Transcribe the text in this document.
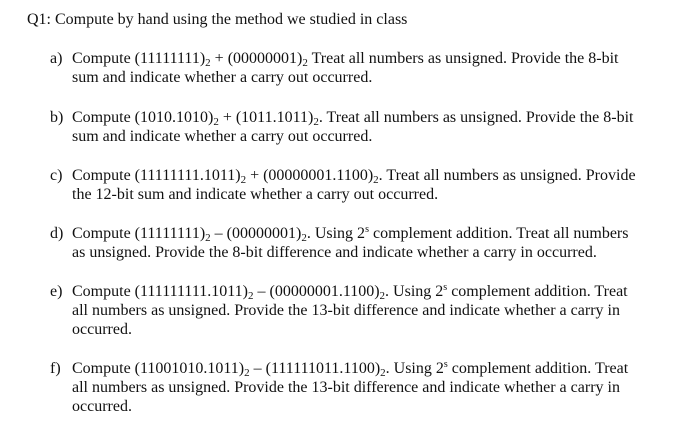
Q1: Compute by hand using the method we studied in class
a) Compute $(11111111)_2 + (00000001)_2$ Treat all numbers as unsigned. Provide the 8-bit
sum and indicate whether a carry out occurred.
b) Compute $(1010.1010)_2 + (1011.1011)_2$. Treat all numbers as unsigned. Provide the 8-bit
sum and indicate whether a carry out occurred.
c) Compute $(11111111.1011)_2 + (00000001.1100)_2$. Treat all numbers as unsigned. Provide
the 12-bit sum and indicate whether a carry out occurred.
d) Compute $(11111111)_2 - (00000001)_2$. Using 2$^s$ complement addition. Treat all numbers
as unsigned. Provide the 8-bit difference and indicate whether a carry in occurred.
e) Compute $(111111111.1011)_2 - (00000001.1100)_2$. Using 2$^s$ complement addition. Treat
all numbers as unsigned. Provide the 13-bit difference and indicate whether a carry in
occurred.
f) Compute $(11001010.1011)_2 - (111111011.1100)_2$. Using 2$^s$ complement addition. Treat
all numbers as unsigned. Provide the 13-bit difference and indicate whether a carry in
occurred.
